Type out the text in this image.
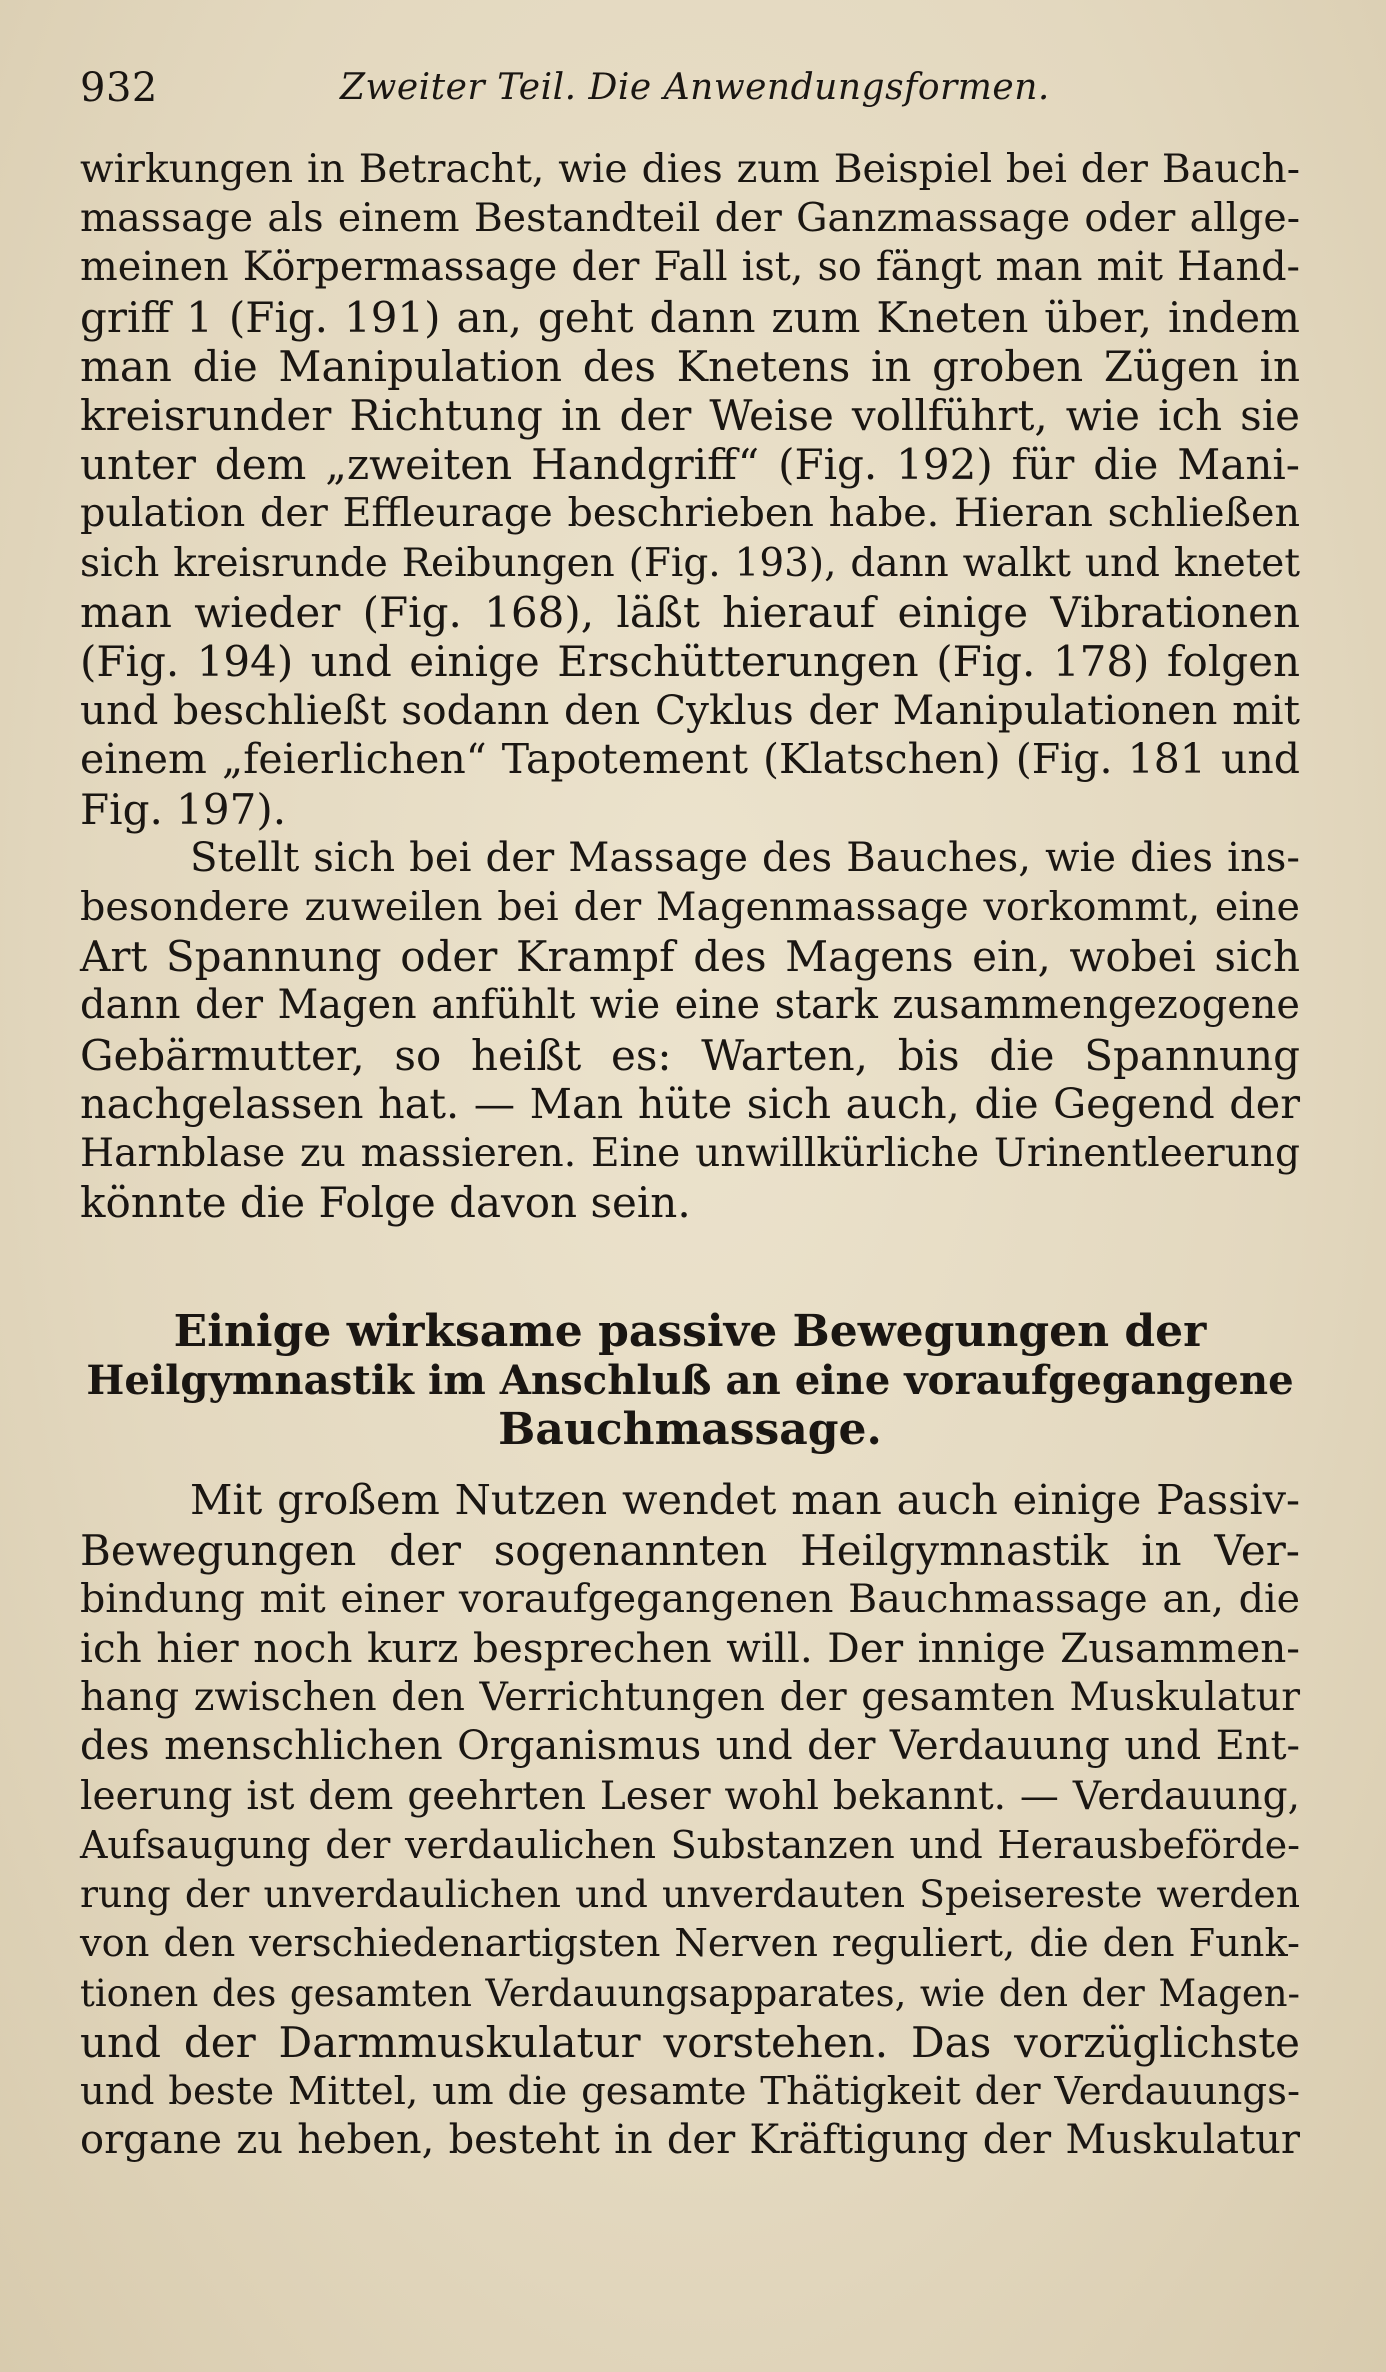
932	Zweiter Teil. Die Anwendungsformen.
wirkungen in Betracht, wie dies zum Beispiel bei der Bauch-
massage als einem Bestandteil der Ganzmassage oder allge-
meinen Körpermassage der Fall ist, so fängt man mit Hand-
griff 1 (Fig. 191) an, geht dann zum Kneten über, indem
man die Manipulation des Knetens in groben Zügen in
kreisrunder Richtung in der Weise vollführt, wie ich sie
unter dem „zweiten Handgriff“ (Fig. 192) für die Mani-
pulation der Effleurage beschrieben habe. Hieran schließen
sich kreisrunde Reibungen (Fig. 193), dann walkt und knetet
man wieder (Fig. 168), läßt hierauf einige Vibrationen
(Fig. 194) und einige Erschütterungen (Fig. 178) folgen
und beschließt sodann den Cyklus der Manipulationen mit
einem „feierlichen“ Tapotement (Klatschen) (Fig. 181 und
Fig. 197).
Stellt sich bei der Massage des Bauches, wie dies ins-
besondere zuweilen bei der Magenmassage vorkommt, eine
Art Spannung oder Krampf des Magens ein, wobei sich
dann der Magen anfühlt wie eine stark zusammengezogene
Gebärmutter, so heißt es: Warten, bis die Spannung
nachgelassen hat. — Man hüte sich auch, die Gegend der
Harnblase zu massieren. Eine unwillkürliche Urinentleerung
könnte die Folge davon sein.
Einige wirksame passive Bewegungen der
Heilgymnastik im Anschluß an eine voraufgegangene
Bauchmassage.
Mit großem Nutzen wendet man auch einige Passiv-
Bewegungen der sogenannten Heilgymnastik in Ver-
bindung mit einer voraufgegangenen Bauchmassage an, die
ich hier noch kurz besprechen will. Der innige Zusammen-
hang zwischen den Verrichtungen der gesamten Muskulatur
des menschlichen Organismus und der Verdauung und Ent-
leerung ist dem geehrten Leser wohl bekannt. — Verdauung,
Aufsaugung der verdaulichen Substanzen und Herausbeförde-
rung der unverdaulichen und unverdauten Speisereste werden
von den verschiedenartigsten Nerven reguliert, die den Funk-
tionen des gesamten Verdauungsapparates, wie den der Magen-
und der Darmmuskulatur vorstehen. Das vorzüglichste
und beste Mittel, um die gesamte Thätigkeit der Verdauungs-
organe zu heben, besteht in der Kräftigung der Muskulatur
